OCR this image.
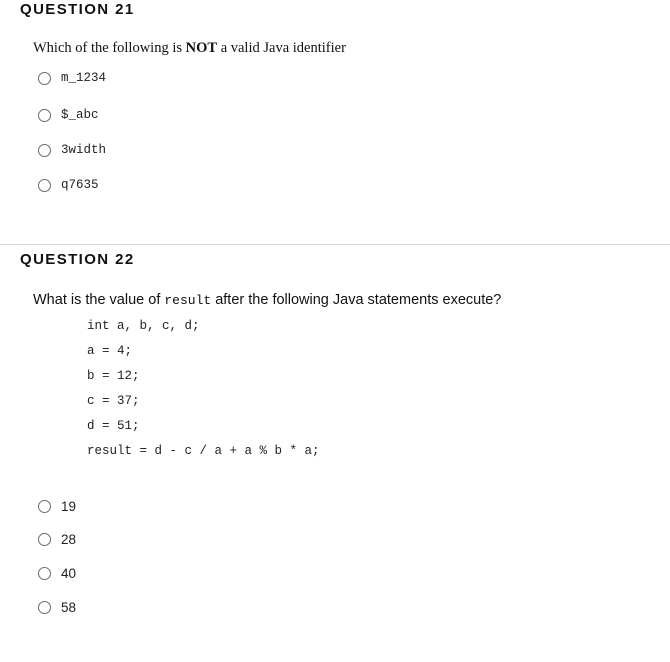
QUESTION 21
Which of the following is NOT a valid Java identifier
m_1234
$_abc
3width
q7635
QUESTION 22
What is the value of result after the following Java statements execute?
int a, b, c, d;
a = 4;
b = 12;
c = 37;
d = 51;
result = d - c / a + a % b * a;
19
28
40
58
